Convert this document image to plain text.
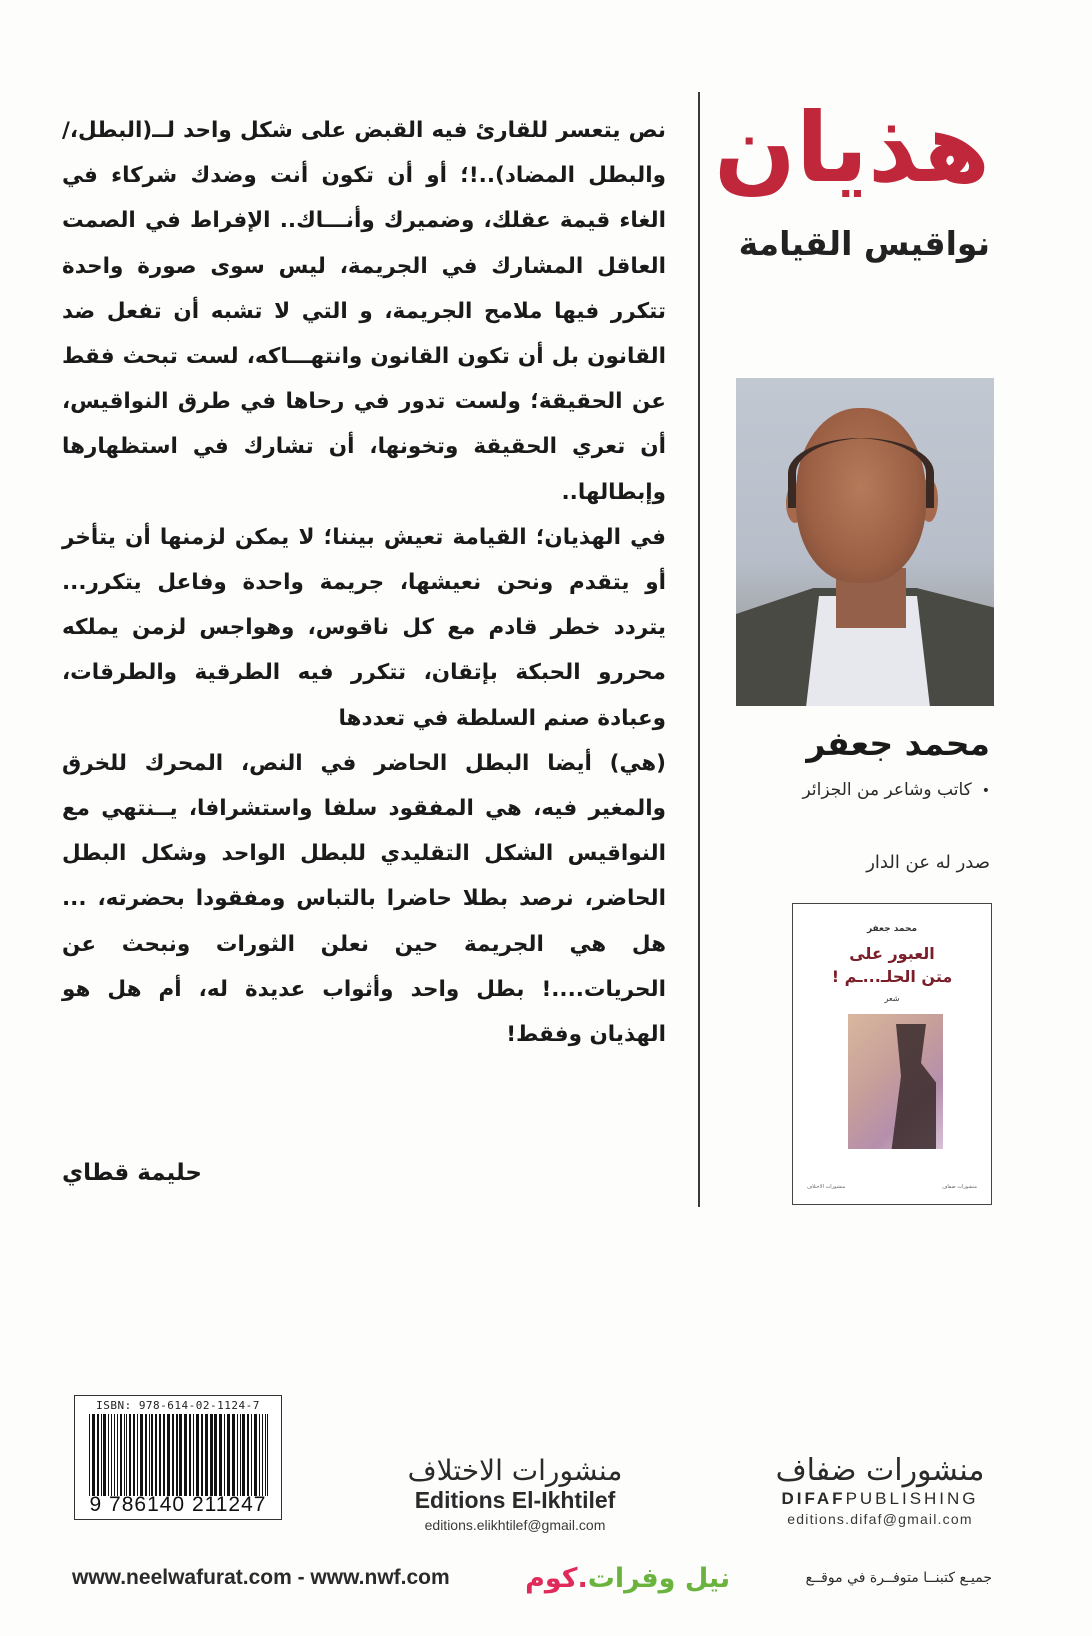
نص يتعسر للقارئ فيه القبض على شكل واحد لــ(البطل،/والبطل المضاد)..!؛ أو أن تكون أنت وضدك شركاء في الغاء قيمة عقلك، وضميرك وأنـــاك.. الإفراط في الصمت العاقل المشارك في الجريمة، ليس سوى صورة واحدة تتكرر فيها ملامح الجريمة، و التي لا تشبه أن تفعل ضد القانون بل أن تكون القانون وانتهـــاكه، لست تبحث فقط عن الحقيقة؛ ولست تدور في رحاها في طرق النواقيس، أن تعري الحقيقة وتخونها، أن تشارك في استظهارها وإبطالها..

في الهذيان؛ القيامة تعيش بيننا؛ لا يمكن لزمنها أن يتأخر أو يتقدم ونحن نعيشها، جريمة واحدة وفاعل يتكرر... يتردد خطر قادم مع كل ناقوس، وهواجس لزمن يملكه محررو الحبكة بإتقان، تتكرر فيه الطرقية والطرقات، وعبادة صنم السلطة في تعددها

(هي) أيضا البطل الحاضر في النص، المحرك للخرق والمغير فيه، هي المفقود سلفا واستشرافا، يــنتهي مع النواقيس الشكل التقليدي للبطل الواحد وشكل البطل الحاضر، نرصد بطلا حاضرا بالتباس ومفقودا بحضرته، ... هل هي الجريمة حين نعلن الثورات ونبحث عن الحريات....! بطل واحد وأثواب عديدة له، أم هل هو الهذيان وفقط!

حليمة قطاي
هذيان
نواقيس القيامة
محمد جعفر
•كاتب وشاعر من الجزائر
صدر له عن الدار
محمد جعفر
العبور على
متن الحلـ...ـم !
شعر
منشورات الاختلاف	منشورات ضفاف
ISBN: 978-614-02-1124-7
9 786140 211247
منشورات الاختلاف
Editions El-Ikhtilef
editions.elikhtilef@gmail.com
منشورات ضفاف
DIFAFPUBLISHING
editions.difaf@gmail.com
www.neelwafurat.com - www.nwf.com	نيل وفرات
.كوم	جميـع كتبنــا متوفــرة في موقــع
